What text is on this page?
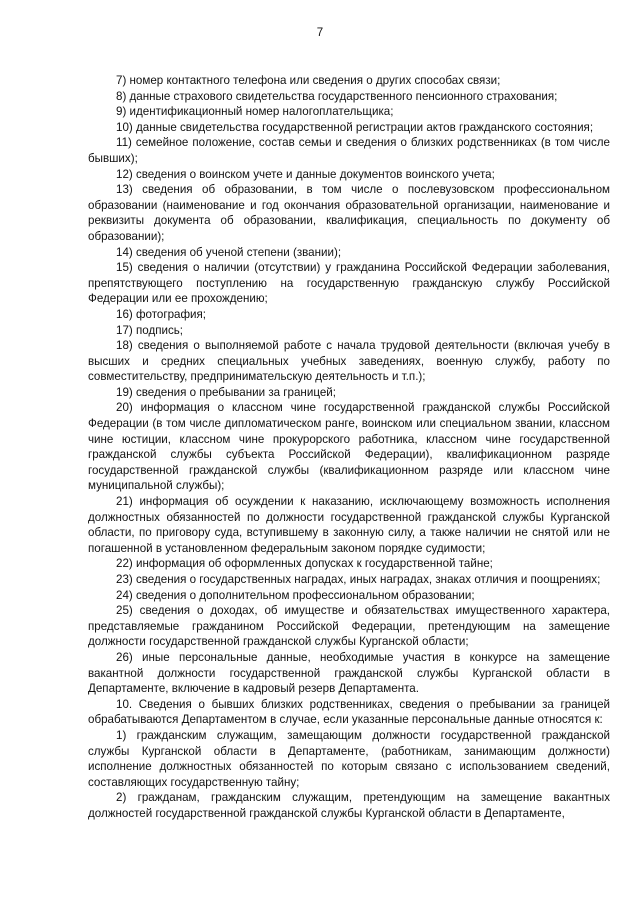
7

7) номер контактного телефона или сведения о других способах связи;

8) данные страхового свидетельства государственного пенсионного страхования;

9) идентификационный номер налогоплательщика;

10) данные свидетельства государственной регистрации актов гражданского состояния;

11) семейное положение, состав семьи и сведения о близких родственниках (в том числе бывших);

12) сведения о воинском учете и данные документов воинского учета;

13) сведения об образовании, в том числе о послевузовском профессиональном образовании (наименование и год окончания образовательной организации, наименование и реквизиты документа об образовании, квалификация, специальность по документу об образовании);

14) сведения об ученой степени (звании);

15) сведения о наличии (отсутствии) у гражданина Российской Федерации заболевания, препятствующего поступлению на государственную гражданскую службу Российской Федерации или ее прохождению;

16) фотография;

17) подпись;

18) сведения о выполняемой работе с начала трудовой деятельности (включая учебу в высших и средних специальных учебных заведениях, военную службу, работу по совместительству, предпринимательскую деятельность и т.п.);

19) сведения о пребывании за границей;

20) информация о классном чине государственной гражданской службы Российской Федерации (в том числе дипломатическом ранге, воинском или специальном звании, классном чине юстиции, классном чине прокурорского работника, классном чине государственной гражданской службы субъекта Российской Федерации), квалификационном разряде государственной гражданской службы (квалификационном разряде или классном чине муниципальной службы);

21) информация об осуждении к наказанию, исключающему возможность исполнения должностных обязанностей по должности государственной гражданской службы Курганской области, по приговору суда, вступившему в законную силу, а также наличии не снятой или не погашенной в установленном федеральным законом порядке судимости;

22) информация об оформленных допусках к государственной тайне;

23) сведения о государственных наградах, иных наградах, знаках отличия и поощрениях;

24) сведения о дополнительном профессиональном образовании;

25) сведения о доходах, об имуществе и обязательствах имущественного характера, представляемые гражданином Российской Федерации, претендующим на замещение должности государственной гражданской службы Курганской области;

26) иные персональные данные, необходимые участия в конкурсе на замещение вакантной должности государственной гражданской службы Курганской области в Департаменте, включение в кадровый резерв Департамента.

10. Сведения о бывших близких родственниках, сведения о пребывании за границей обрабатываются Департаментом в случае, если указанные персональные данные относятся к:

1) гражданским служащим, замещающим должности государственной гражданской службы Курганской области в Департаменте, (работникам, занимающим должности) исполнение должностных обязанностей по которым связано с использованием сведений, составляющих государственную тайну;

2) гражданам, гражданским служащим, претендующим на замещение вакантных должностей государственной гражданской службы Курганской области в Департаменте,
